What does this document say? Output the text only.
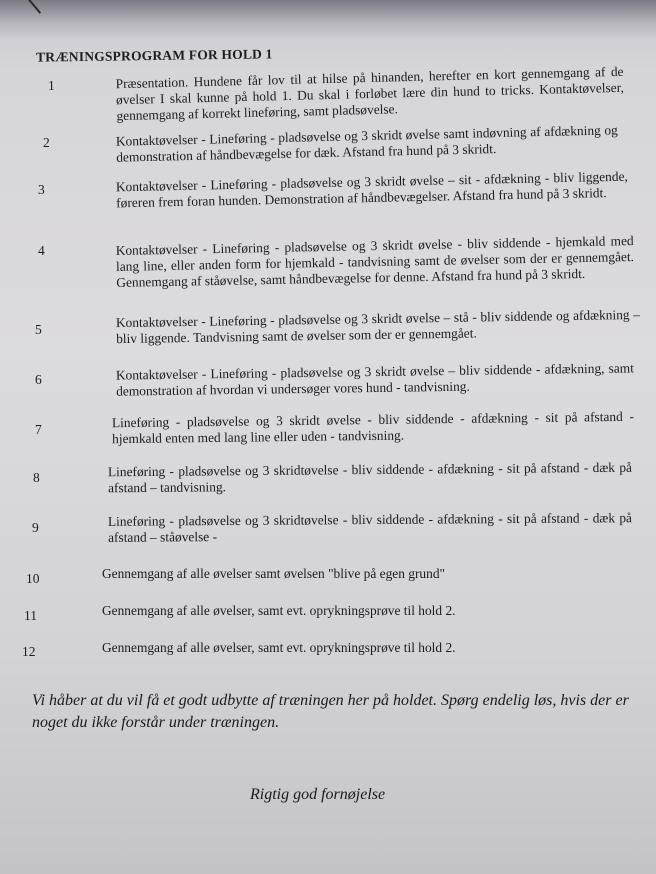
TRÆNINGSPROGRAM FOR HOLD 1
1	Præsentation. Hundene får lov til at hilse på hinanden, herefter en kort gennemgang af de øvelser I skal kunne på hold 1. Du skal i forløbet lære din hund to tricks. Kontaktøvelser, gennemgang af korrekt lineføring, samt pladsøvelse.
2	Kontaktøvelser - Lineføring - pladsøvelse og 3 skridt øvelse samt indøvning af afdækning og demonstration af håndbevægelse for dæk. Afstand fra hund på 3 skridt.
3	Kontaktøvelser - Lineføring - pladsøvelse og 3 skridt øvelse – sit - afdækning - bliv liggende, føreren frem foran hunden. Demonstration af håndbevægelser. Afstand fra hund på 3 skridt.
4	Kontaktøvelser - Lineføring - pladsøvelse og 3 skridt øvelse - bliv siddende - hjemkald med lang line, eller anden form for hjemkald - tandvisning samt de øvelser som der er gennemgået. Gennemgang af ståøvelse, samt håndbevægelse for denne. Afstand fra hund på 3 skridt.
5	Kontaktøvelser - Lineføring - pladsøvelse og 3 skridt øvelse – stå - bliv siddende og afdækning – bliv liggende. Tandvisning samt de øvelser som der er gennemgået.
6	Kontaktøvelser - Lineføring - pladsøvelse og 3 skridt øvelse – bliv siddende - afdækning, samt demonstration af hvordan vi undersøger vores hund - tandvisning.
7	Lineføring - pladsøvelse og 3 skridt øvelse - bliv siddende - afdækning - sit på afstand - hjemkald enten med lang line eller uden - tandvisning.
8	Lineføring - pladsøvelse og 3 skridtøvelse - bliv siddende - afdækning - sit på afstand - dæk på afstand – tandvisning.
9	Lineføring - pladsøvelse og 3 skridtøvelse - bliv siddende - afdækning - sit på afstand - dæk på afstand – ståøvelse -
10	Gennemgang af alle øvelser samt øvelsen "blive på egen grund"
11	Gennemgang af alle øvelser, samt evt. oprykningsprøve til hold 2.
12	Gennemgang af alle øvelser, samt evt. oprykningsprøve til hold 2.
Vi håber at du vil få et godt udbytte af træningen her på holdet. Spørg endelig løs, hvis der er noget du ikke forstår under træningen.
Rigtig god fornøjelse
